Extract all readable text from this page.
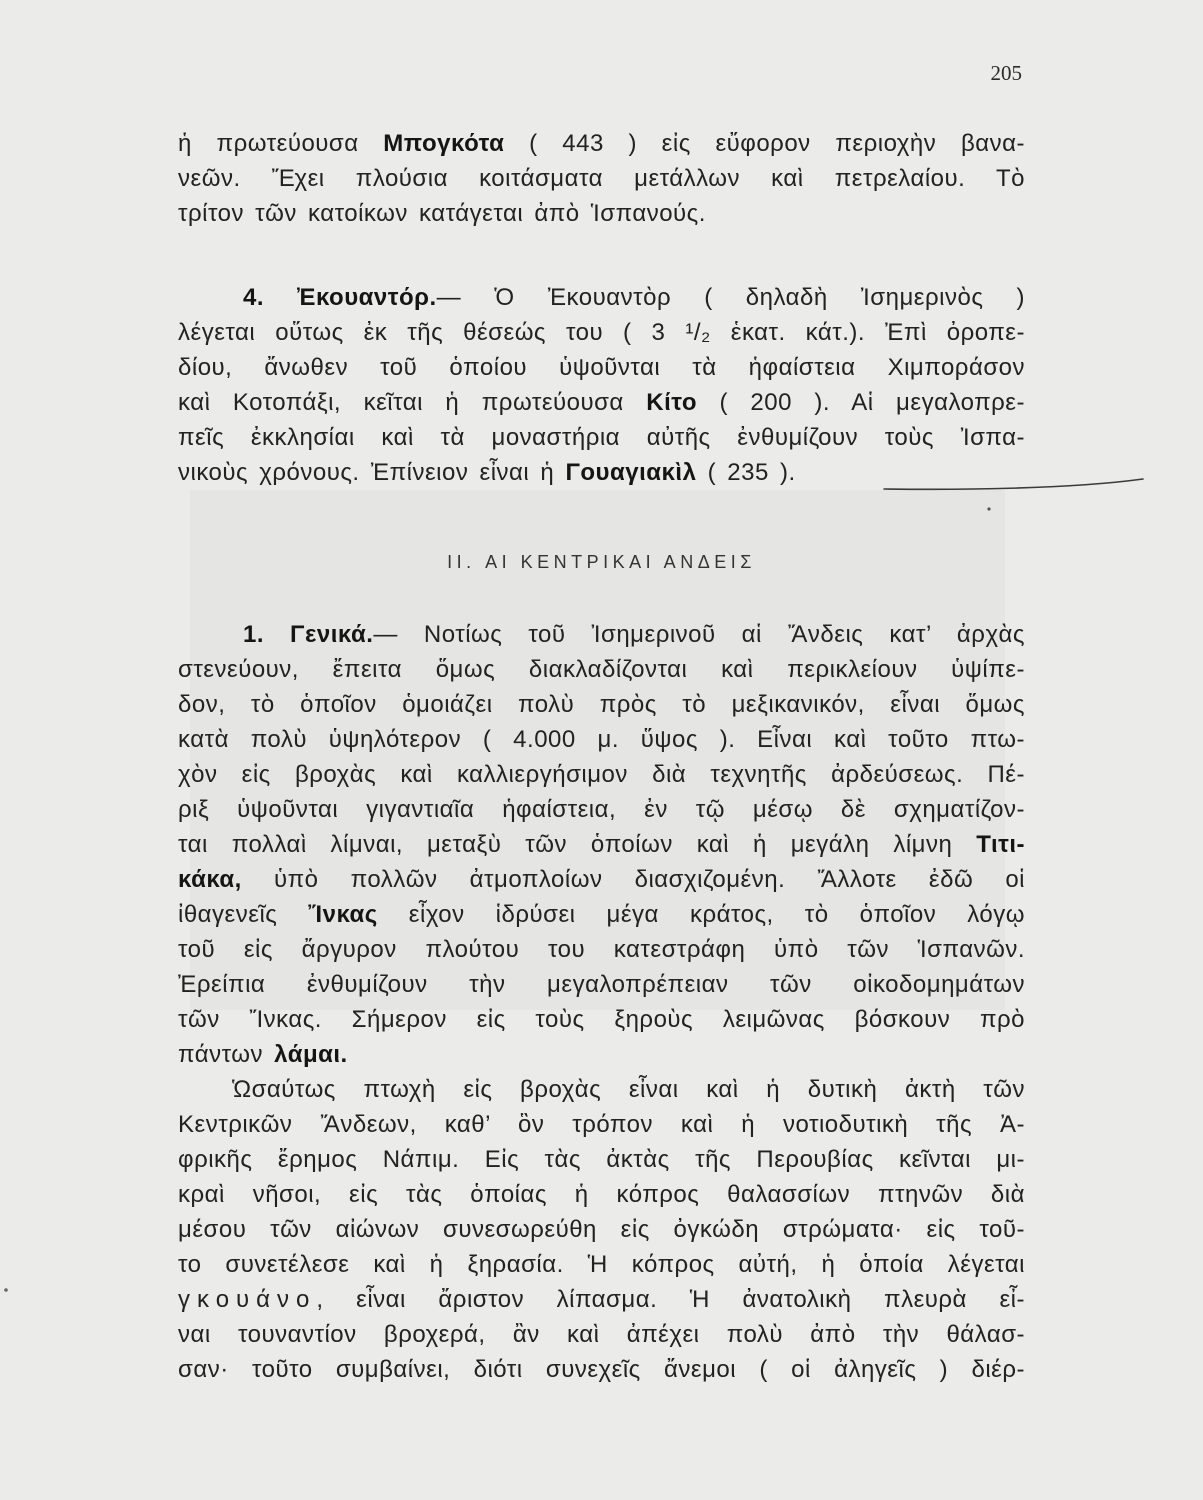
205
ἡ πρωτεύουσα Μπογκότα ( 443 ) εἰς εὔφορον περιοχὴν βανα-
νεῶν. Ἔχει πλούσια κοιτάσματα μετάλλων καὶ πετρελαίου. Τὸ
τρίτον τῶν κατοίκων κατάγεται ἀπὸ Ἱσπανούς.
4. Ἐκουαντόρ.— Ὁ Ἐκουαντὸρ ( δηλαδὴ Ἰσημερινὸς )
λέγεται οὕτως ἐκ τῆς θέσεώς του ( 3 ¹/₂ ἑκατ. κάτ.). Ἐπὶ ὀροπε-
δίου, ἄνωθεν τοῦ ὁποίου ὑψοῦνται τὰ ἡφαίστεια Χιμποράσον
καὶ Κοτοπάξι, κεῖται ἡ πρωτεύουσα Κίτο ( 200 ). Αἱ μεγαλοπρε-
πεῖς ἐκκλησίαι καὶ τὰ μοναστήρια αὐτῆς ἐνθυμίζουν τοὺς Ἰσπα-
νικοὺς χρόνους. Ἐπίνειον εἶναι ἡ Γουαγιακὶλ ( 235 ).
II. ΑΙ ΚΕΝΤΡΙΚΑΙ ΑΝΔΕΙΣ
1. Γενικά.— Νοτίως τοῦ Ἰσημερινοῦ αἱ Ἄνδεις κατ’ ἀρχὰς
στενεύουν, ἔπειτα ὅμως διακλαδίζονται καὶ περικλείουν ὑψίπε-
δον, τὸ ὁποῖον ὁμοιάζει πολὺ πρὸς τὸ μεξικανικόν, εἶναι ὅμως
κατὰ πολὺ ὑψηλότερον ( 4.000 μ. ὕψος ). Εἶναι καὶ τοῦτο πτω-
χὸν εἰς βροχὰς καὶ καλλιεργήσιμον διὰ τεχνητῆς ἀρδεύσεως. Πέ-
ριξ ὑψοῦνται γιγαντιαῖα ἡφαίστεια, ἐν τῷ μέσῳ δὲ σχηματίζον-
ται πολλαὶ λίμναι, μεταξὺ τῶν ὁποίων καὶ ἡ μεγάλη λίμνη Τιτι-
κάκα, ὑπὸ πολλῶν ἀτμοπλοίων διασχιζομένη. Ἄλλοτε ἐδῶ οἱ
ἰθαγενεῖς Ἴνκας εἶχον ἱδρύσει μέγα κράτος, τὸ ὁποῖον λόγῳ
τοῦ εἰς ἄργυρον πλούτου του κατεστράφη ὑπὸ τῶν Ἱσπανῶν.
Ἐρείπια ἐνθυμίζουν τὴν μεγαλοπρέπειαν τῶν οἰκοδομημάτων
τῶν Ἴνκας. Σήμερον εἰς τοὺς ξηροὺς λειμῶνας βόσκουν πρὸ
πάντων λάμαι.
Ὡσαύτως πτωχὴ εἰς βροχὰς εἶναι καὶ ἡ δυτικὴ ἀκτὴ τῶν
Κεντρικῶν Ἄνδεων, καθ’ ὃν τρόπον καὶ ἡ νοτιοδυτικὴ τῆς Ἀ-
φρικῆς ἔρημος Νάπιμ. Εἰς τὰς ἀκτὰς τῆς Περουβίας κεῖνται μι-
κραὶ νῆσοι, εἰς τὰς ὁποίας ἡ κόπρος θαλασσίων πτηνῶν διὰ
μέσου τῶν αἰώνων συνεσωρεύθη εἰς ὀγκώδη στρώματα· εἰς τοῦ-
το συνετέλεσε καὶ ἡ ξηρασία. Ἡ κόπρος αὐτή, ἡ ὁποία λέγεται
γκουάνο, εἶναι ἄριστον λίπασμα. Ἡ ἀνατολικὴ πλευρὰ εἶ-
ναι τουναντίον βροχερά, ἂν καὶ ἀπέχει πολὺ ἀπὸ τὴν θάλασ-
σαν· τοῦτο συμβαίνει, διότι συνεχεῖς ἄνεμοι ( οἱ ἀληγεῖς ) διέρ-
